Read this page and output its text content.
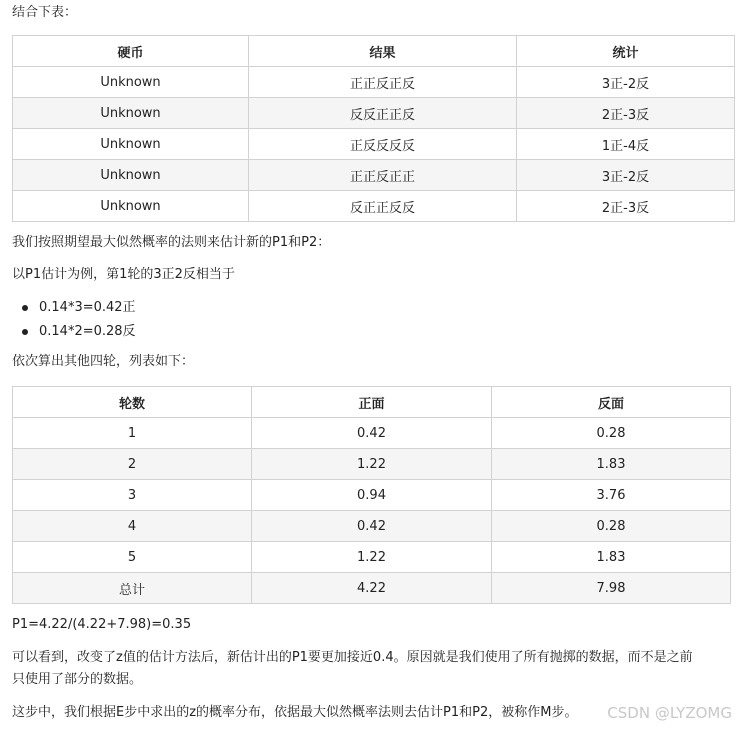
结合下表：

硬币	结果	统计
Unknown	正正反正反	3正-2反
Unknown	反反正正反	2正-3反
Unknown	正反反反反	1正-4反
Unknown	正正反正正	3正-2反
Unknown	反正正反反	2正-3反

我们按照期望最大似然概率的法则来估计新的P1和P2：

以P1估计为例，第1轮的3正2反相当于

0.14*3=0.42正
0.14*2=0.28反

依次算出其他四轮，列表如下：

轮数	正面	反面
1	0.42	0.28
2	1.22	1.83
3	0.94	3.76
4	0.42	0.28
5	1.22	1.83
总计	4.22	7.98

P1=4.22/(4.22+7.98)=0.35

可以看到，改变了z值的估计方法后，新估计出的P1要更加接近0.4。原因就是我们使用了所有抛掷的数据，而不是之前

只使用了部分的数据。

这步中，我们根据E步中求出的z的概率分布，依据最大似然概率法则去估计P1和P2，被称作M步。 CSDN @LYZOMG
